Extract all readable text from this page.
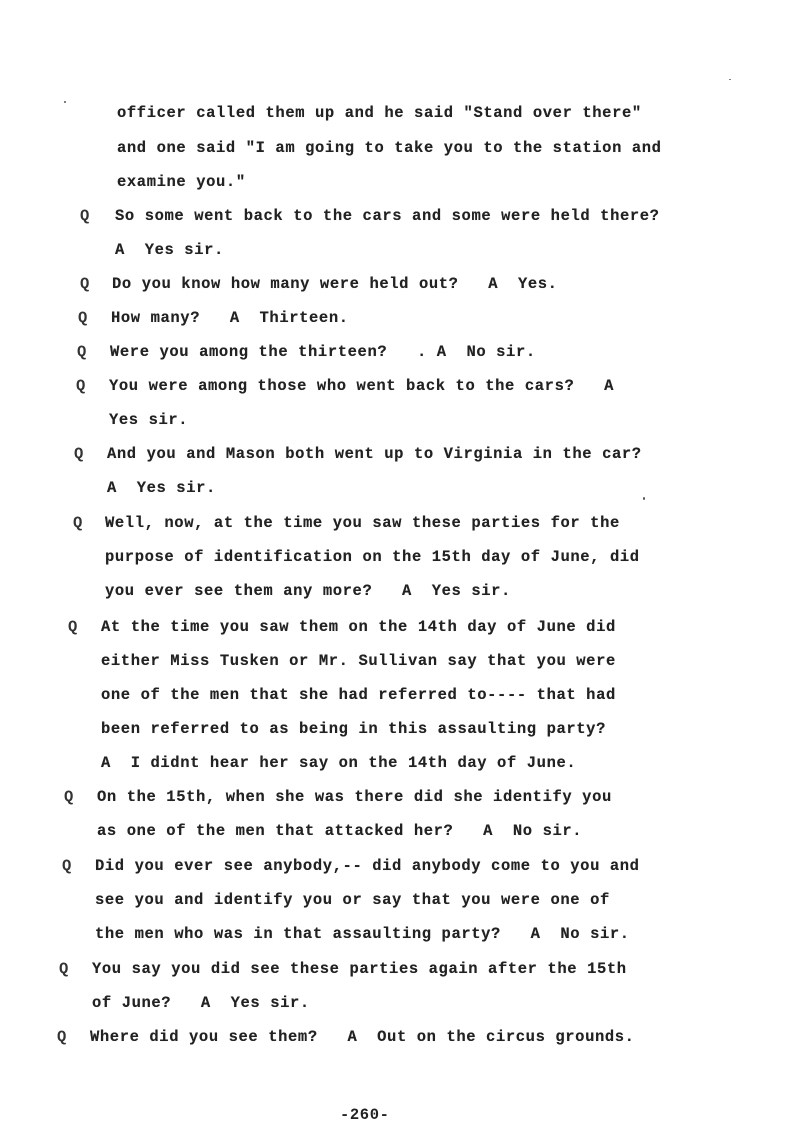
officer called them up and he said "Stand over there"
and one said "I am going to take you to the station and
examine you."
Q So some went back to the cars and some were held there?
A  Yes sir.
Q Do you know how many were held out?   A  Yes.
Q How many?   A  Thirteen.
Q Were you among the thirteen?   . A  No sir.
Q You were among those who went back to the cars?   A
Yes sir.
Q And you and Mason both went up to Virginia in the car?
A  Yes sir.
Q Well, now, at the time you saw these parties for the
purpose of identification on the 15th day of June, did
you ever see them any more?   A  Yes sir.
Q At the time you saw them on the 14th day of June did
either Miss Tusken or Mr. Sullivan say that you were
one of the men that she had referred to---- that had
been referred to as being in this assaulting party?
A  I didnt hear her say on the 14th day of June.
Q On the 15th, when she was there did she identify you
as one of the men that attacked her?   A  No sir.
Q Did you ever see anybody,-- did anybody come to you and
see you and identify you or say that you were one of
the men who was in that assaulting party?   A  No sir.
Q You say you did see these parties again after the 15th
of June?   A  Yes sir.
Q Where did you see them?   A  Out on the circus grounds.
-260-
